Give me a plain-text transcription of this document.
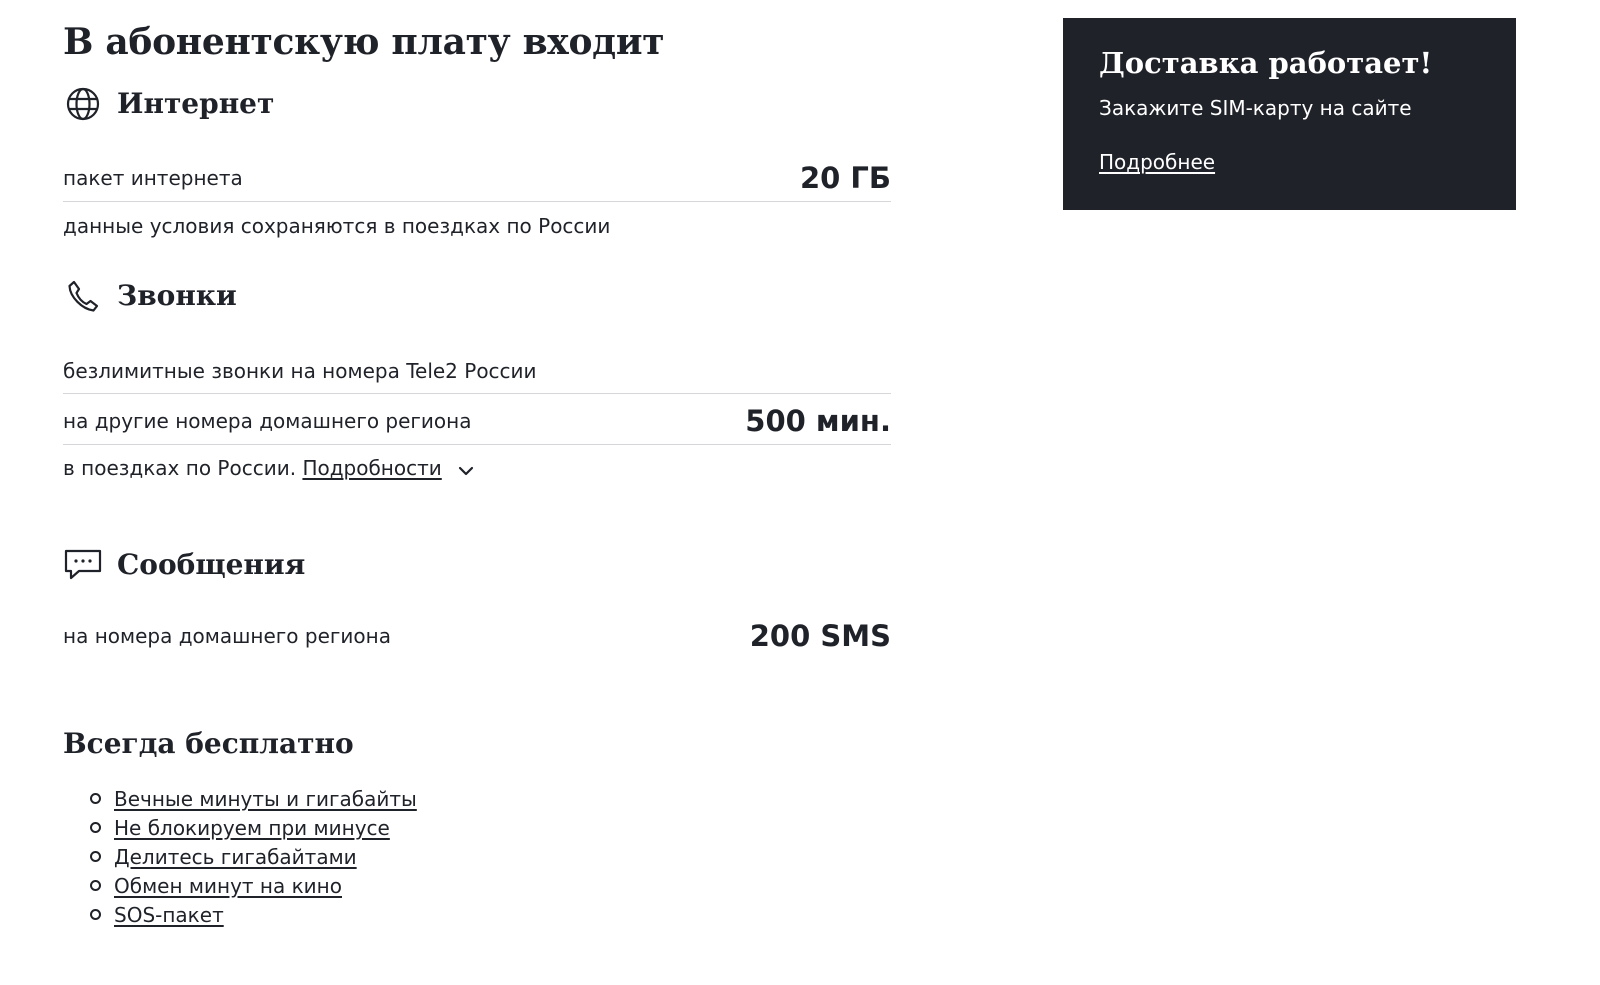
В абонентскую плату входит
Интернет
пакет интернета	20 ГБ
данные условия сохраняются в поездках по России
Звонки
безлимитные звонки на номера Tele2 России
на другие номера домашнего региона	500 мин.
в поездках по России. Подробности
Сообщения
на номера домашнего региона	200 SMS
Всегда бесплатно
Вечные минуты и гигабайты
Не блокируем при минусе
Делитесь гигабайтами
Обмен минут на кино
SOS-пакет
Доставка работает!
Закажите SIM-карту на сайте
Подробнее
